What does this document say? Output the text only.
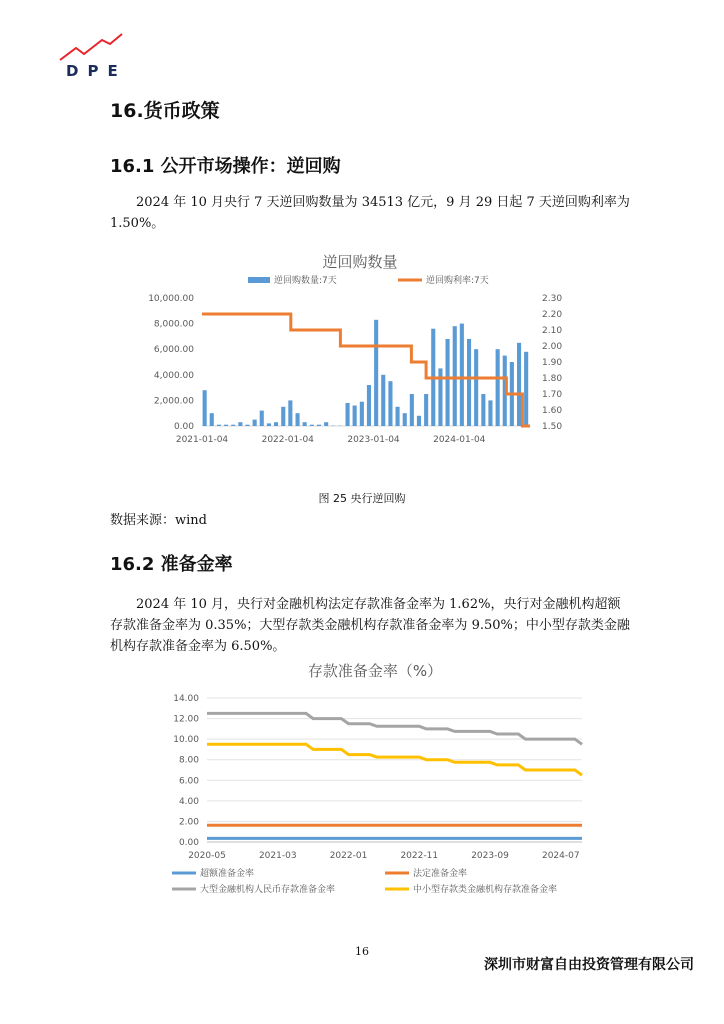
DPE
16.货币政策
16.1 公开市场操作：逆回购
2024 年 10 月央行 7 天逆回购数量为 34513 亿元，9 月 29 日起 7 天逆回购利率为 1.50%。
逆回购数量
逆回购数量:7天	逆回购利率:7天
0.00
2,000.00
4,000.00
6,000.00
8,000.00
10,000.00
1.50
1.60
1.70
1.80
1.90
2.00
2.10
2.20
2.30
2021-01-04	2022-01-04	2023-01-04	2024-01-04
图 25 央行逆回购
数据来源：wind
16.2 准备金率
2024 年 10 月，央行对金融机构法定存款准备金率为 1.62%，央行对金融机构超额存款准备金率为 0.35%；大型存款类金融机构存款准备金率为 9.50%；中小型存款类金融机构存款准备金率为 6.50%。
存款准备金率（%）
0.00
2.00
4.00
6.00
8.00
10.00
12.00
14.00
2020-05	2021-03	2022-01	2022-11	2023-09	2024-07
超额准备金率	法定准备金率
大型金融机构人民币存款准备金率	中小型存款类金融机构存款准备金率
16
深圳市财富自由投资管理有限公司
